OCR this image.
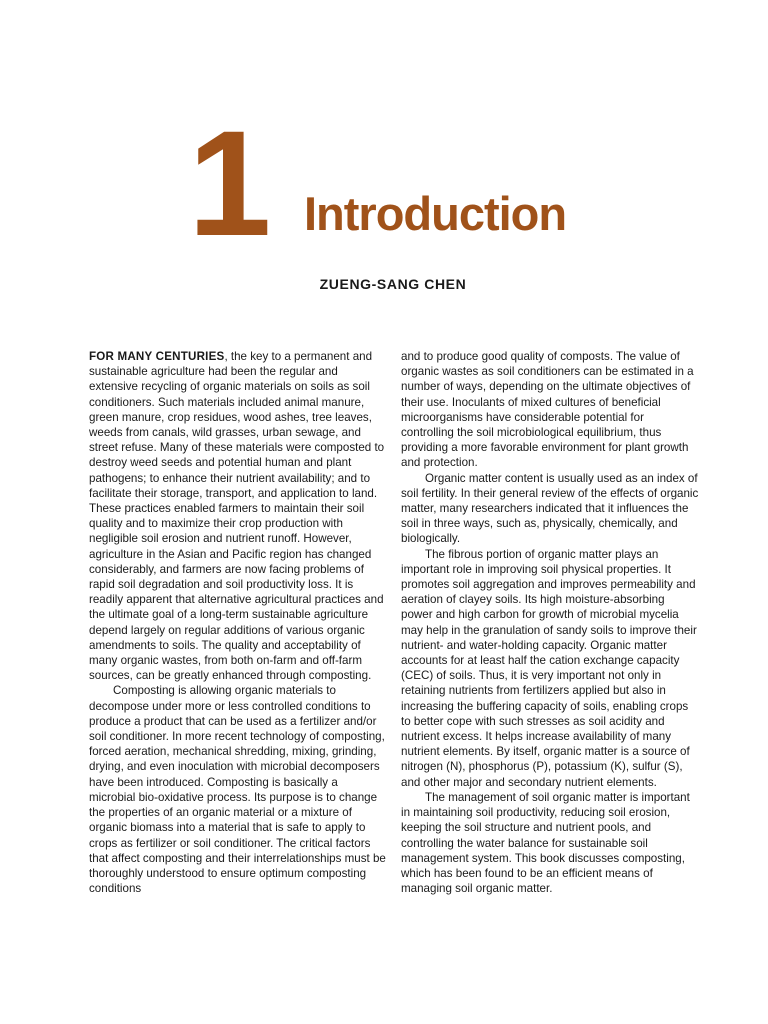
1 Introduction
ZUENG-SANG CHEN

FOR MANY CENTURIES, the key to a permanent and sustainable agriculture had been the regular and extensive recycling of organic materials on soils as soil conditioners. Such materials included animal manure, green manure, crop residues, wood ashes, tree leaves, weeds from canals, wild grasses, urban sewage, and street refuse. Many of these materials were composted to destroy weed seeds and potential human and plant pathogens; to enhance their nutrient availability; and to facilitate their storage, transport, and application to land. These practices enabled farmers to maintain their soil quality and to maximize their crop production with negligible soil erosion and nutrient runoff. However, agriculture in the Asian and Pacific region has changed considerably, and farmers are now facing problems of rapid soil degradation and soil productivity loss. It is readily apparent that alternative agricultural practices and the ultimate goal of a long-term sustainable agriculture depend largely on regular additions of various organic amendments to soils. The quality and acceptability of many organic wastes, from both on-farm and off-farm sources, can be greatly enhanced through composting.

Composting is allowing organic materials to decompose under more or less controlled conditions to produce a product that can be used as a fertilizer and/or soil conditioner. In more recent technology of composting, forced aeration, mechanical shredding, mixing, grinding, drying, and even inoculation with microbial decomposers have been introduced. Composting is basically a microbial bio-oxidative process. Its purpose is to change the properties of an organic material or a mixture of organic biomass into a material that is safe to apply to crops as fertilizer or soil conditioner. The critical factors that affect composting and their interrelationships must be thoroughly understood to ensure optimum composting conditions

and to produce good quality of composts. The value of organic wastes as soil conditioners can be estimated in a number of ways, depending on the ultimate objectives of their use. Inoculants of mixed cultures of beneficial microorganisms have considerable potential for controlling the soil microbiological equilibrium, thus providing a more favorable environment for plant growth and protection.

Organic matter content is usually used as an index of soil fertility. In their general review of the effects of organic matter, many researchers indicated that it influences the soil in three ways, such as, physically, chemically, and biologically.

The fibrous portion of organic matter plays an important role in improving soil physical properties. It promotes soil aggregation and improves permeability and aeration of clayey soils. Its high moisture-absorbing power and high carbon for growth of microbial mycelia may help in the granulation of sandy soils to improve their nutrient- and water-holding capacity. Organic matter accounts for at least half the cation exchange capacity (CEC) of soils. Thus, it is very important not only in retaining nutrients from fertilizers applied but also in increasing the buffering capacity of soils, enabling crops to better cope with such stresses as soil acidity and nutrient excess. It helps increase availability of many nutrient elements. By itself, organic matter is a source of nitrogen (N), phosphorus (P), potassium (K), sulfur (S), and other major and secondary nutrient elements.

The management of soil organic matter is important in maintaining soil productivity, reducing soil erosion, keeping the soil structure and nutrient pools, and controlling the water balance for sustainable soil management system. This book discusses composting, which has been found to be an efficient means of managing soil organic matter.
